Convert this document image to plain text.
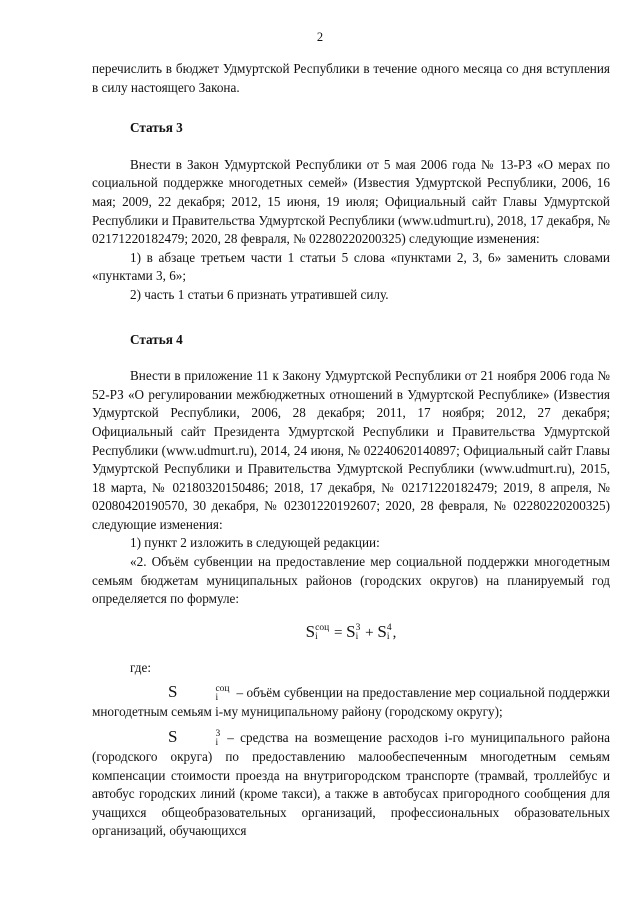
2

перечислить в бюджет Удмуртской Республики в течение одного месяца со дня вступления в силу настоящего Закона.

Статья 3

Внести в Закон Удмуртской Республики от 5 мая 2006 года № 13-РЗ «О мерах по социальной поддержке многодетных семей» (Известия Удмуртской Республики, 2006, 16 мая; 2009, 22 декабря; 2012, 15 июня, 19 июля; Официальный сайт Главы Удмуртской Республики и Правительства Удмуртской Республики (www.udmurt.ru), 2018, 17 декабря, № 02171220182479; 2020, 28 февраля, № 02280220200325) следующие изменения:

1) в абзаце третьем части 1 статьи 5 слова «пунктами 2, 3, 6» заменить словами «пунктами 3, 6»;

2) часть 1 статьи 6 признать утратившей силу.

Статья 4

Внести в приложение 11 к Закону Удмуртской Республики от 21 ноября 2006 года № 52-РЗ «О регулировании межбюджетных отношений в Удмуртской Республике» (Известия Удмуртской Республики, 2006, 28 декабря; 2011, 17 ноября; 2012, 27 декабря; Официальный сайт Президента Удмуртской Республики и Правительства Удмуртской Республики (www.udmurt.ru), 2014, 24 июня, № 02240620140897; Официальный сайт Главы Удмуртской Республики и Правительства Удмуртской Республики (www.udmurt.ru), 2015, 18 марта, № 02180320150486; 2018, 17 декабря, № 02171220182479; 2019, 8 апреля, № 02080420190570, 30 декабря, № 02301220192607; 2020, 28 февраля, № 02280220200325) следующие изменения:

1) пункт 2 изложить в следующей редакции:

«2. Объём субвенции на предоставление мер социальной поддержки многодетным семьям бюджетам муниципальных районов (городских округов) на планируемый год определяется по формуле:

S соц
i	= S 3
i + S 4
i ,

где:

S	соц
i	– объём субвенции на предоставление мер социальной поддержки многодетным семьям i-му муниципальному району (городскому округу);

S	3
i – средства на возмещение расходов i-го муниципального района (городского округа) по предоставлению малообеспеченным многодетным семьям компенсации стоимости проезда на внутригородском транспорте (трамвай, троллейбус и автобус городских линий (кроме такси), а также в автобусах пригородного сообщения для учащихся общеобразовательных организаций, профессиональных образовательных организаций, обучающихся
